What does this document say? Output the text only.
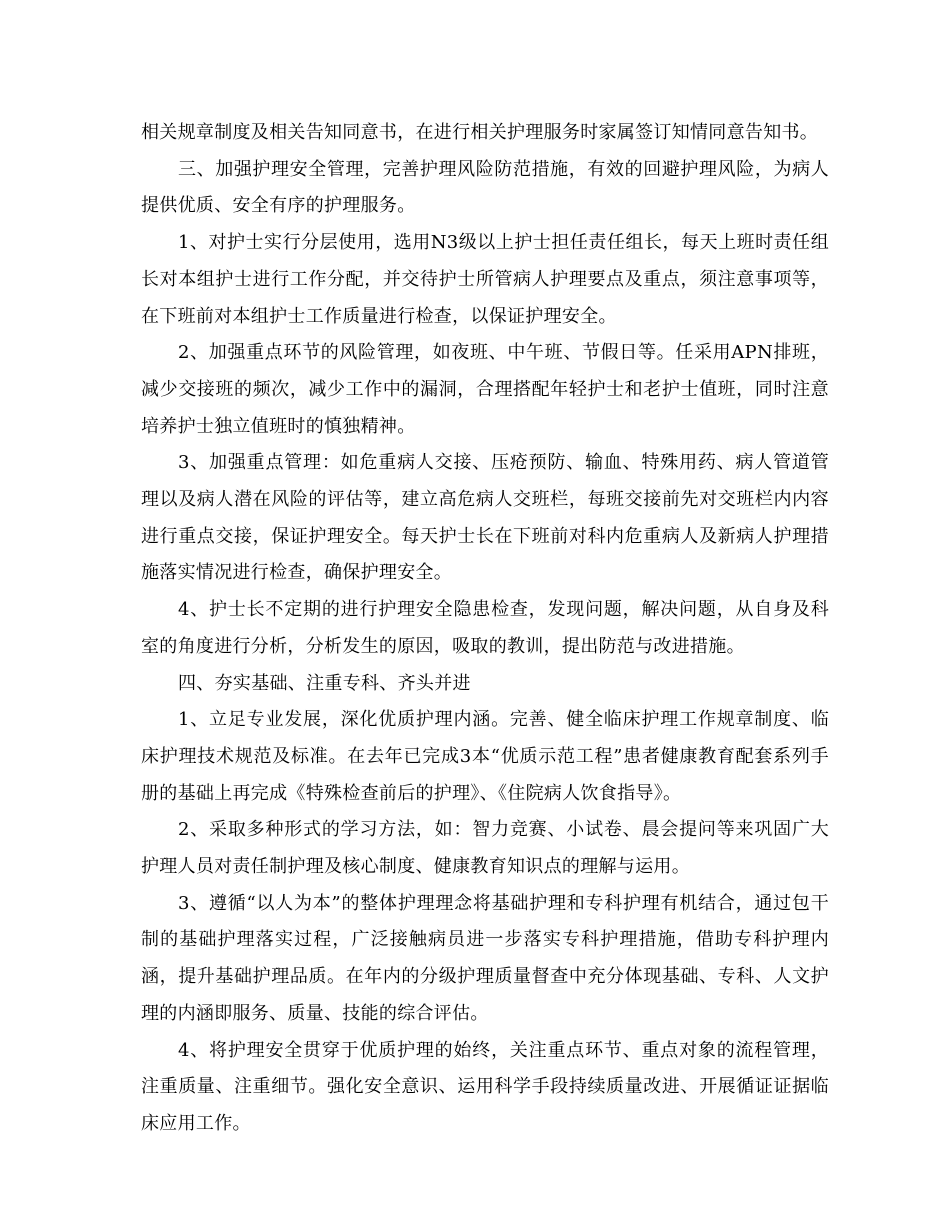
相关规章制度及相关告知同意书，在进行相关护理服务时家属签订知情同意告知书。

三、加强护理安全管理，完善护理风险防范措施，有效的回避护理风险，为病人提供优质、安全有序的护理服务。

1、对护士实行分层使用，选用N3级以上护士担任责任组长，每天上班时责任组长对本组护士进行工作分配，并交待护士所管病人护理要点及重点，须注意事项等，在下班前对本组护士工作质量进行检查，以保证护理安全。

2、加强重点环节的风险管理，如夜班、中午班、节假日等。任采用APN排班，减少交接班的频次，减少工作中的漏洞，合理搭配年轻护士和老护士值班，同时注意培养护士独立值班时的慎独精神。

3、加强重点管理：如危重病人交接、压疮预防、输血、特殊用药、病人管道管理以及病人潜在风险的评估等，建立高危病人交班栏，每班交接前先对交班栏内内容进行重点交接，保证护理安全。每天护士长在下班前对科内危重病人及新病人护理措施落实情况进行检查，确保护理安全。

4、护士长不定期的进行护理安全隐患检查，发现问题，解决问题，从自身及科室的角度进行分析，分析发生的原因，吸取的教训，提出防范与改进措施。

四、夯实基础、注重专科、齐头并进

1、立足专业发展，深化优质护理内涵。完善、健全临床护理工作规章制度、临床护理技术规范及标准。在去年已完成3本“优质示范工程”患者健康教育配套系列手册的基础上再完成《特殊检查前后的护理》、《住院病人饮食指导》。

2、采取多种形式的学习方法，如：智力竞赛、小试卷、晨会提问等来巩固广大护理人员对责任制护理及核心制度、健康教育知识点的理解与运用。

3、遵循“以人为本”的整体护理理念将基础护理和专科护理有机结合，通过包干制的基础护理落实过程，广泛接触病员进一步落实专科护理措施，借助专科护理内涵，提升基础护理品质。在年内的分级护理质量督查中充分体现基础、专科、人文护理的内涵即服务、质量、技能的综合评估。

4、将护理安全贯穿于优质护理的始终，关注重点环节、重点对象的流程管理，注重质量、注重细节。强化安全意识、运用科学手段持续质量改进、开展循证证据临床应用工作。
